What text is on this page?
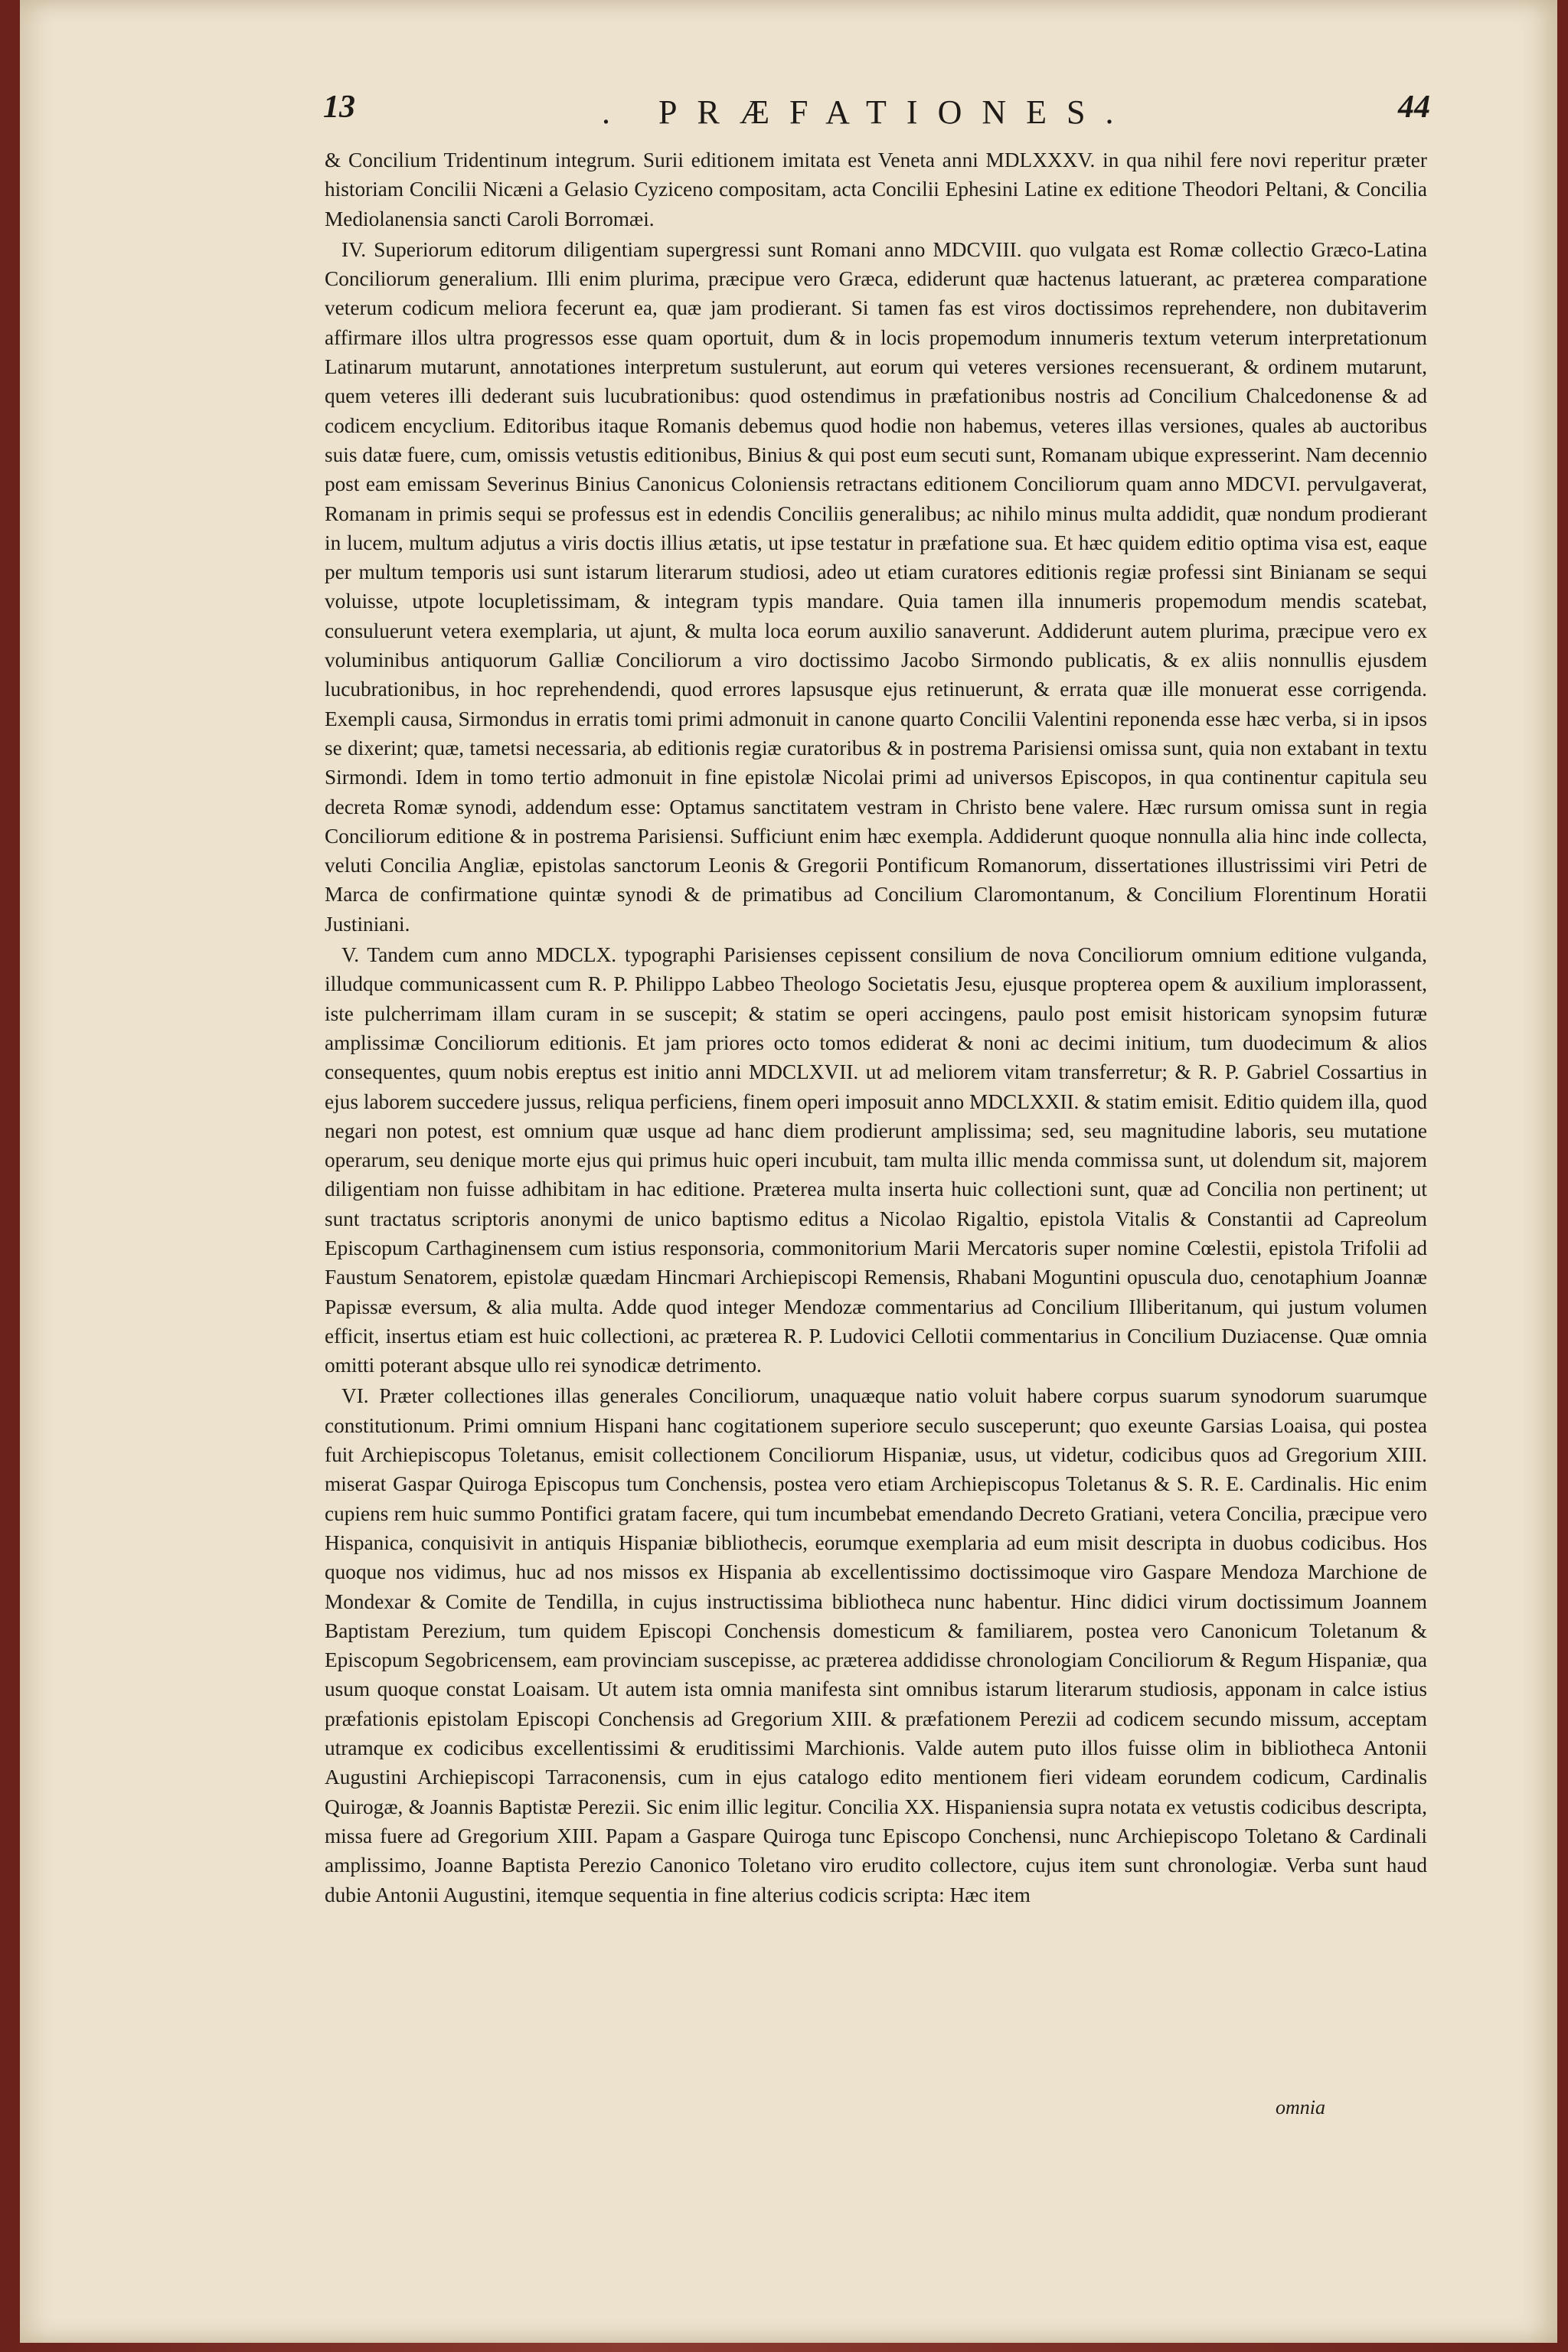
13	. PRÆFATIONES.	44

& Concilium Tridentinum integrum. Surii editionem imitata est Veneta anni MDLXXXV. in qua nihil fere novi reperitur præter historiam Concilii Nicæni a Gelasio Cyziceno compositam, acta Concilii Ephesini Latine ex editione Theodori Peltani, & Concilia Mediolanensia sancti Caroli Borromæi.

IV. Superiorum editorum diligentiam supergressi sunt Romani anno MDCVIII. quo vulgata est Romæ collectio Græco-Latina Conciliorum generalium. Illi enim plurima, præcipue vero Græca, ediderunt quæ hactenus latuerant, ac præterea comparatione veterum codicum meliora fecerunt ea, quæ jam prodierant. Si tamen fas est viros doctissimos reprehendere, non dubitaverim affirmare illos ultra progressos esse quam oportuit, dum & in locis propemodum innumeris textum veterum interpretationum Latinarum mutarunt, annotationes interpretum sustulerunt, aut eorum qui veteres versiones recensuerant, & ordinem mutarunt, quem veteres illi dederant suis lucubrationibus: quod ostendimus in præfationibus nostris ad Concilium Chalcedonense & ad codicem encyclium. Editoribus itaque Romanis debemus quod hodie non habemus, veteres illas versiones, quales ab auctoribus suis datæ fuere, cum, omissis vetustis editionibus, Binius & qui post eum secuti sunt, Romanam ubique expresserint. Nam decennio post eam emissam Severinus Binius Canonicus Coloniensis retractans editionem Conciliorum quam anno MDCVI. pervulgaverat, Romanam in primis sequi se professus est in edendis Conciliis generalibus; ac nihilo minus multa addidit, quæ nondum prodierant in lucem, multum adjutus a viris doctis illius ætatis, ut ipse testatur in præfatione sua. Et hæc quidem editio optima visa est, eaque per multum temporis usi sunt istarum literarum studiosi, adeo ut etiam curatores editionis regiæ professi sint Binianam se sequi voluisse, utpote locupletissimam, & integram typis mandare. Quia tamen illa innumeris propemodum mendis scatebat, consuluerunt vetera exemplaria, ut ajunt, & multa loca eorum auxilio sanaverunt. Addiderunt autem plurima, præcipue vero ex voluminibus antiquorum Galliæ Conciliorum a viro doctissimo Jacobo Sirmondo publicatis, & ex aliis nonnullis ejusdem lucubrationibus, in hoc reprehendendi, quod errores lapsusque ejus retinuerunt, & errata quæ ille monuerat esse corrigenda. Exempli causa, Sirmondus in erratis tomi primi admonuit in canone quarto Concilii Valentini reponenda esse hæc verba, si in ipsos se dixerint; quæ, tametsi necessaria, ab editionis regiæ curatoribus & in postrema Parisiensi omissa sunt, quia non extabant in textu Sirmondi. Idem in tomo tertio admonuit in fine epistolæ Nicolai primi ad universos Episcopos, in qua continentur capitula seu decreta Romæ synodi, addendum esse: Optamus sanctitatem vestram in Christo bene valere. Hæc rursum omissa sunt in regia Conciliorum editione & in postrema Parisiensi. Sufficiunt enim hæc exempla. Addiderunt quoque nonnulla alia hinc inde collecta, veluti Concilia Angliæ, epistolas sanctorum Leonis & Gregorii Pontificum Romanorum, dissertationes illustrissimi viri Petri de Marca de confirmatione quintæ synodi & de primatibus ad Concilium Claromontanum, & Concilium Florentinum Horatii Justiniani.

V. Tandem cum anno MDCLX. typographi Parisienses cepissent consilium de nova Conciliorum omnium editione vulganda, illudque communicassent cum R. P. Philippo Labbeo Theologo Societatis Jesu, ejusque propterea opem & auxilium implorassent, iste pulcherrimam illam curam in se suscepit; & statim se operi accingens, paulo post emisit historicam synopsim futuræ amplissimæ Conciliorum editionis. Et jam priores octo tomos ediderat & noni ac decimi initium, tum duodecimum & alios consequentes, quum nobis ereptus est initio anni MDCLXVII. ut ad meliorem vitam transferretur; & R. P. Gabriel Cossartius in ejus laborem succedere jussus, reliqua perficiens, finem operi imposuit anno MDCLXXII. & statim emisit. Editio quidem illa, quod negari non potest, est omnium quæ usque ad hanc diem prodierunt amplissima; sed, seu magnitudine laboris, seu mutatione operarum, seu denique morte ejus qui primus huic operi incubuit, tam multa illic menda commissa sunt, ut dolendum sit, majorem diligentiam non fuisse adhibitam in hac editione. Præterea multa inserta huic collectioni sunt, quæ ad Concilia non pertinent; ut sunt tractatus scriptoris anonymi de unico baptismo editus a Nicolao Rigaltio, epistola Vitalis & Constantii ad Capreolum Episcopum Carthaginensem cum istius responsoria, commonitorium Marii Mercatoris super nomine Cœlestii, epistola Trifolii ad Faustum Senatorem, epistolæ quædam Hincmari Archiepiscopi Remensis, Rhabani Moguntini opuscula duo, cenotaphium Joannæ Papissæ eversum, & alia multa. Adde quod integer Mendozæ commentarius ad Concilium Illiberitanum, qui justum volumen efficit, insertus etiam est huic collectioni, ac præterea R. P. Ludovici Cellotii commentarius in Concilium Duziacense. Quæ omnia omitti poterant absque ullo rei synodicæ detrimento.

VI. Præter collectiones illas generales Conciliorum, unaquæque natio voluit habere corpus suarum synodorum suarumque constitutionum. Primi omnium Hispani hanc cogitationem superiore seculo susceperunt; quo exeunte Garsias Loaisa, qui postea fuit Archiepiscopus Toletanus, emisit collectionem Conciliorum Hispaniæ, usus, ut videtur, codicibus quos ad Gregorium XIII. miserat Gaspar Quiroga Episcopus tum Conchensis, postea vero etiam Archiepiscopus Toletanus & S. R. E. Cardinalis. Hic enim cupiens rem huic summo Pontifici gratam facere, qui tum incumbebat emendando Decreto Gratiani, vetera Concilia, præcipue vero Hispanica, conquisivit in antiquis Hispaniæ bibliothecis, eorumque exemplaria ad eum misit descripta in duobus codicibus. Hos quoque nos vidimus, huc ad nos missos ex Hispania ab excellentissimo doctissimoque viro Gaspare Mendoza Marchione de Mondexar & Comite de Tendilla, in cujus instructissima bibliotheca nunc habentur. Hinc didici virum doctissimum Joannem Baptistam Perezium, tum quidem Episcopi Conchensis domesticum & familiarem, postea vero Canonicum Toletanum & Episcopum Segobricensem, eam provinciam suscepisse, ac præterea addidisse chronologiam Conciliorum & Regum Hispaniæ, qua usum quoque constat Loaisam. Ut autem ista omnia manifesta sint omnibus istarum literarum studiosis, apponam in calce istius præfationis epistolam Episcopi Conchensis ad Gregorium XIII. & præfationem Perezii ad codicem secundo missum, acceptam utramque ex codicibus excellentissimi & eruditissimi Marchionis. Valde autem puto illos fuisse olim in bibliotheca Antonii Augustini Archiepiscopi Tarraconensis, cum in ejus catalogo edito mentionem fieri videam eorundem codicum, Cardinalis Quirogæ, & Joannis Baptistæ Perezii. Sic enim illic legitur. Concilia XX. Hispaniensia supra notata ex vetustis codicibus descripta, missa fuere ad Gregorium XIII. Papam a Gaspare Quiroga tunc Episcopo Conchensi, nunc Archiepiscopo Toletano & Cardinali amplissimo, Joanne Baptista Perezio Canonico Toletano viro erudito collectore, cujus item sunt chronologiæ. Verba sunt haud dubie Antonii Augustini, itemque sequentia in fine alterius codicis scripta: Hæc item

omnia
